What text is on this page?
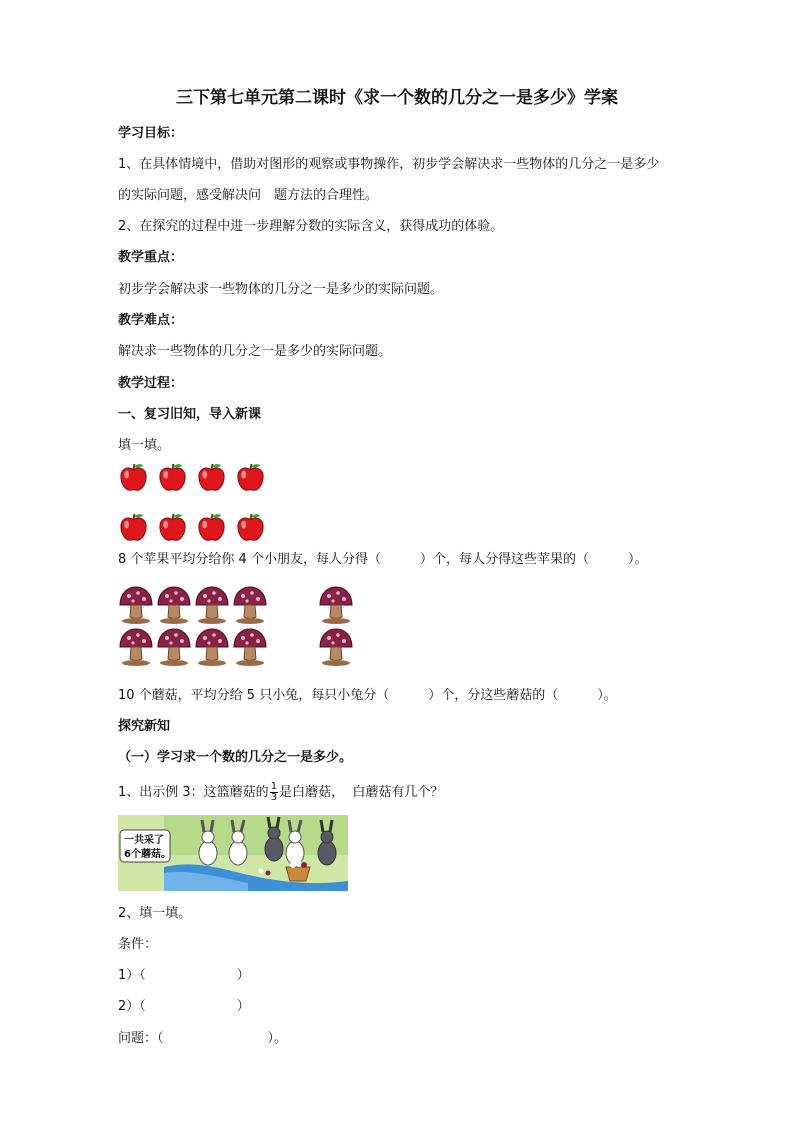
三下第七单元第二课时《求一个数的几分之一是多少》学案
学习目标：
1、在具体情境中，借助对图形的观察或事物操作，初步学会解决求一些物体的几分之一是多少
的实际问题，感受解决问　题方法的合理性。
2、在探究的过程中进一步理解分数的实际含义，获得成功的体验。
教学重点：
初步学会解决求一些物体的几分之一是多少的实际问题。
教学难点：
解决求一些物体的几分之一是多少的实际问题。
教学过程：
一、复习旧知，导入新课
填一填。
8 个苹果平均分给你 4 个小朋友，每人分得（　　　）个，每人分得这些苹果的（　　　）。
10 个蘑菇，平均分给 5 只小兔，每只小兔分（　　　）个，分这些蘑菇的（　　　）。
探究新知
（一）学习求一个数的几分之一是多少。
1、出示例 3：这篮蘑菇的 $\frac{1}{3}$ 是白蘑菇，  白蘑菇有几个？
一共采了
6个蘑菇。
2、填一填。
条件：
1）（　　　　　　　）
2）（　　　　　　　）
问题：（　　　　　　　　）。
